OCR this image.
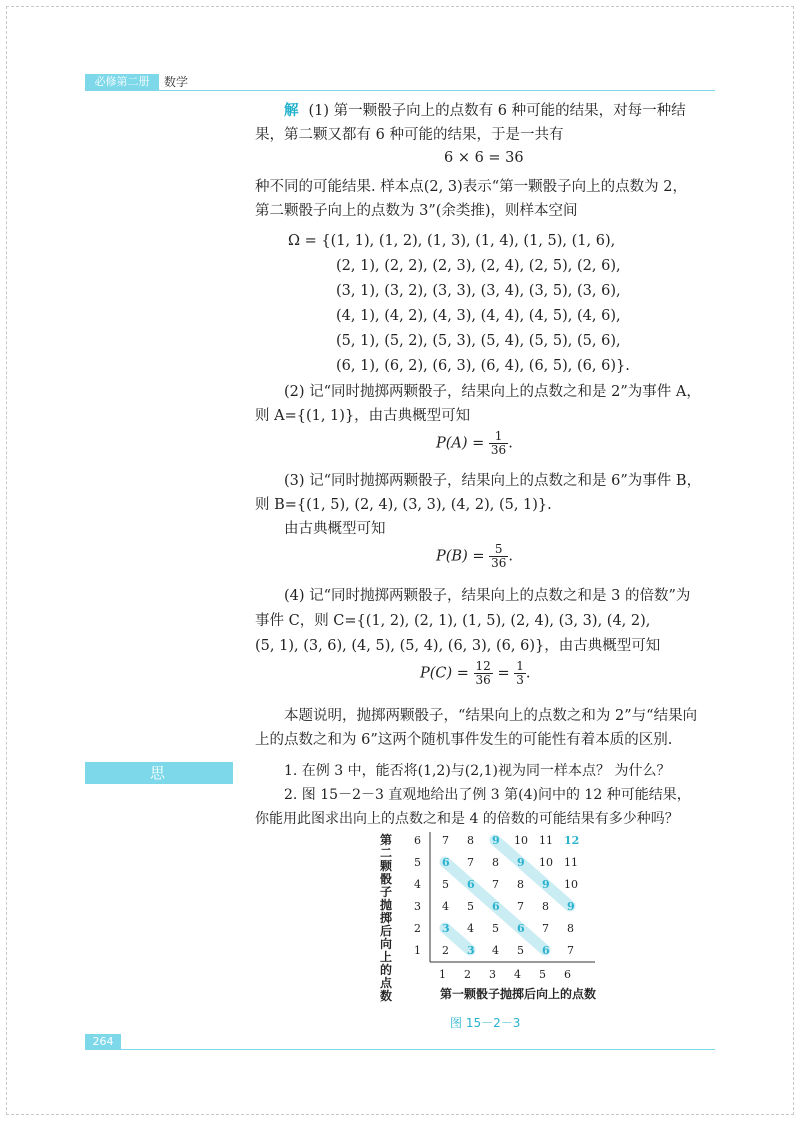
必修第二册	数学
解 (1) 第一颗骰子向上的点数有 6 种可能的结果，对每一种结
果，第二颗又都有 6 种可能的结果，于是一共有
6 × 6 = 36
种不同的可能结果. 样本点(2, 3)表示“第一颗骰子向上的点数为 2，
第二颗骰子向上的点数为 3”(余类推)，则样本空间
Ω = {(1, 1), (1, 2), (1, 3), (1, 4), (1, 5), (1, 6),
(2, 1), (2, 2), (2, 3), (2, 4), (2, 5), (2, 6),
(3, 1), (3, 2), (3, 3), (3, 4), (3, 5), (3, 6),
(4, 1), (4, 2), (4, 3), (4, 4), (4, 5), (4, 6),
(5, 1), (5, 2), (5, 3), (5, 4), (5, 5), (5, 6),
(6, 1), (6, 2), (6, 3), (6, 4), (6, 5), (6, 6)}.
(2) 记“同时抛掷两颗骰子，结果向上的点数之和是 2”为事件 A，
则 A={(1, 1)}，由古典概型可知
$P(A) = \frac{1}{36}$ .
(3) 记“同时抛掷两颗骰子，结果向上的点数之和是 6”为事件 B，
则 B={(1, 5), (2, 4), (3, 3), (4, 2), (5, 1)}.
由古典概型可知
$P(B) = \frac{5}{36}$ .
(4) 记“同时抛掷两颗骰子，结果向上的点数之和是 3 的倍数”为
事件 C，则 C={(1, 2), (2, 1), (1, 5), (2, 4), (3, 3), (4, 2),
(5, 1), (3, 6), (4, 5), (5, 4), (6, 3), (6, 6)}，由古典概型可知
$P(C) = \frac{12}{36} = \frac{1}{3}$ .
本题说明，抛掷两颗骰子，“结果向上的点数之和为 2”与“结果向
上的点数之和为 6”这两个随机事件发生的可能性有着本质的区别.
思考
1. 在例 3 中，能否将(1,2)与(2,1)视为同一样本点？ 为什么？
2. 图 15－2－3 直观地给出了例 3 第(4)问中的 12 种可能结果，
你能用此图求出向上的点数之和是 4 的倍数的可能结果有多少种吗？
第
二
颗
骰
子
抛
掷
后
向
上
的
点
数	第一颗骰子抛掷后向上的点数
1
1
2
2
3
3
4
4
5
5
6
6
2 3 4 5 6 7
3 4 5 6 7 8
4 5 6 7 8 9
5 6 7 8 9 10
6 7 8 9 10 11
7 8 9 10 11 12
图 15－2－3
264
